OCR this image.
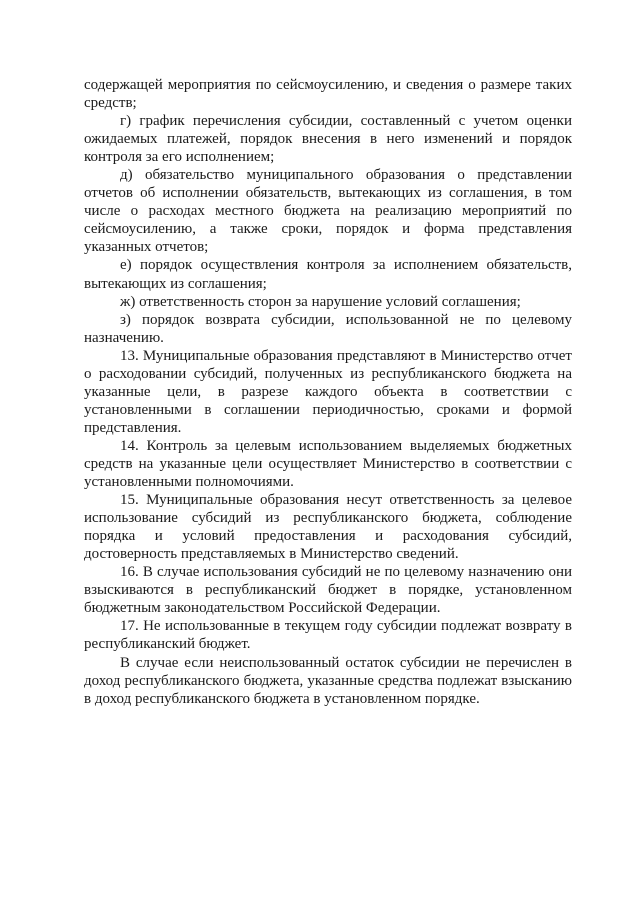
содержащей мероприятия по сейсмоусилению, и сведения о размере таких средств;

г) график перечисления субсидии, составленный с учетом оценки ожидаемых платежей, порядок внесения в него изменений и порядок контроля за его исполнением;

д) обязательство муниципального образования о представлении отчетов об исполнении обязательств, вытекающих из соглашения, в том числе о расходах местного бюджета на реализацию мероприятий по сейсмоусилению, а также сроки, порядок и форма представления указанных отчетов;

е) порядок осуществления контроля за исполнением обязательств, вытекающих из соглашения;

ж) ответственность сторон за нарушение условий соглашения;

з) порядок возврата субсидии, использованной не по целевому назначению.

13. Муниципальные образования представляют в Министерство отчет о расходовании субсидий, полученных из республиканского бюджета на указанные цели, в разрезе каждого объекта в соответствии с установленными в соглашении периодичностью, сроками и формой представления.

14. Контроль за целевым использованием выделяемых бюджетных средств на указанные цели осуществляет Министерство в соответствии с установленными полномочиями.

15. Муниципальные образования несут ответственность за целевое использование субсидий из республиканского бюджета, соблюдение порядка и условий предоставления и расходования субсидий, достоверность представляемых в Министерство сведений.

16. В случае использования субсидий не по целевому назначению они взыскиваются в республиканский бюджет в порядке, установленном бюджетным законодательством Российской Федерации.

17. Не использованные в текущем году субсидии подлежат возврату в республиканский бюджет.

В случае если неиспользованный остаток субсидии не перечислен в доход республиканского бюджета, указанные средства подлежат взысканию в доход республиканского бюджета в установленном порядке.
